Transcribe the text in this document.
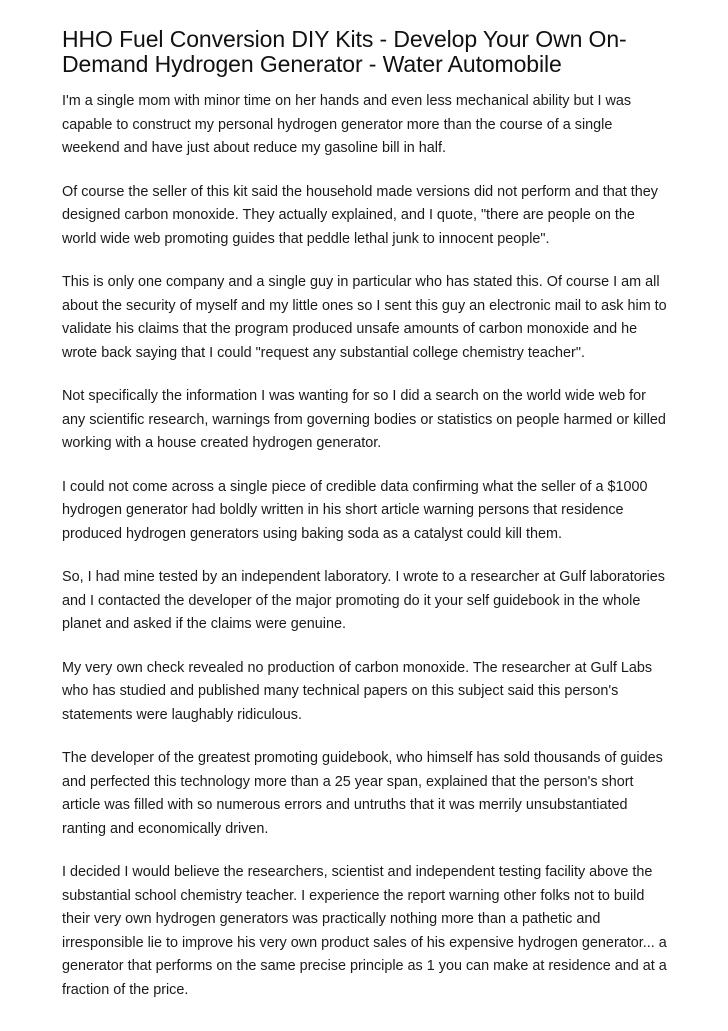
HHO Fuel Conversion DIY Kits - Develop Your Own On-Demand Hydrogen Generator - Water Automobile

I'm a single mom with minor time on her hands and even less mechanical ability but I was capable to construct my personal hydrogen generator more than the course of a single weekend and have just about reduce my gasoline bill in half.

Of course the seller of this kit said the household made versions did not perform and that they designed carbon monoxide. They actually explained, and I quote, "there are people on the world wide web promoting guides that peddle lethal junk to innocent people".

This is only one company and a single guy in particular who has stated this. Of course I am all about the security of myself and my little ones so I sent this guy an electronic mail to ask him to validate his claims that the program produced unsafe amounts of carbon monoxide and he wrote back saying that I could "request any substantial college chemistry teacher".

Not specifically the information I was wanting for so I did a search on the world wide web for any scientific research, warnings from governing bodies or statistics on people harmed or killed working with a house created hydrogen generator.

I could not come across a single piece of credible data confirming what the seller of a $1000 hydrogen generator had boldly written in his short article warning persons that residence produced hydrogen generators using baking soda as a catalyst could kill them.

So, I had mine tested by an independent laboratory. I wrote to a researcher at Gulf laboratories and I contacted the developer of the major promoting do it your self guidebook in the whole planet and asked if the claims were genuine.

My very own check revealed no production of carbon monoxide. The researcher at Gulf Labs who has studied and published many technical papers on this subject said this person's statements were laughably ridiculous.

The developer of the greatest promoting guidebook, who himself has sold thousands of guides and perfected this technology more than a 25 year span, explained that the person's short article was filled with so numerous errors and untruths that it was merrily unsubstantiated ranting and economically driven.

I decided I would believe the researchers, scientist and independent testing facility above the substantial school chemistry teacher. I experience the report warning other folks not to build their very own hydrogen generators was practically nothing more than a pathetic and irresponsible lie to improve his very own product sales of his expensive hydrogen generator... a generator that performs on the same precise principle as 1 you can make at residence and at a fraction of the price.
